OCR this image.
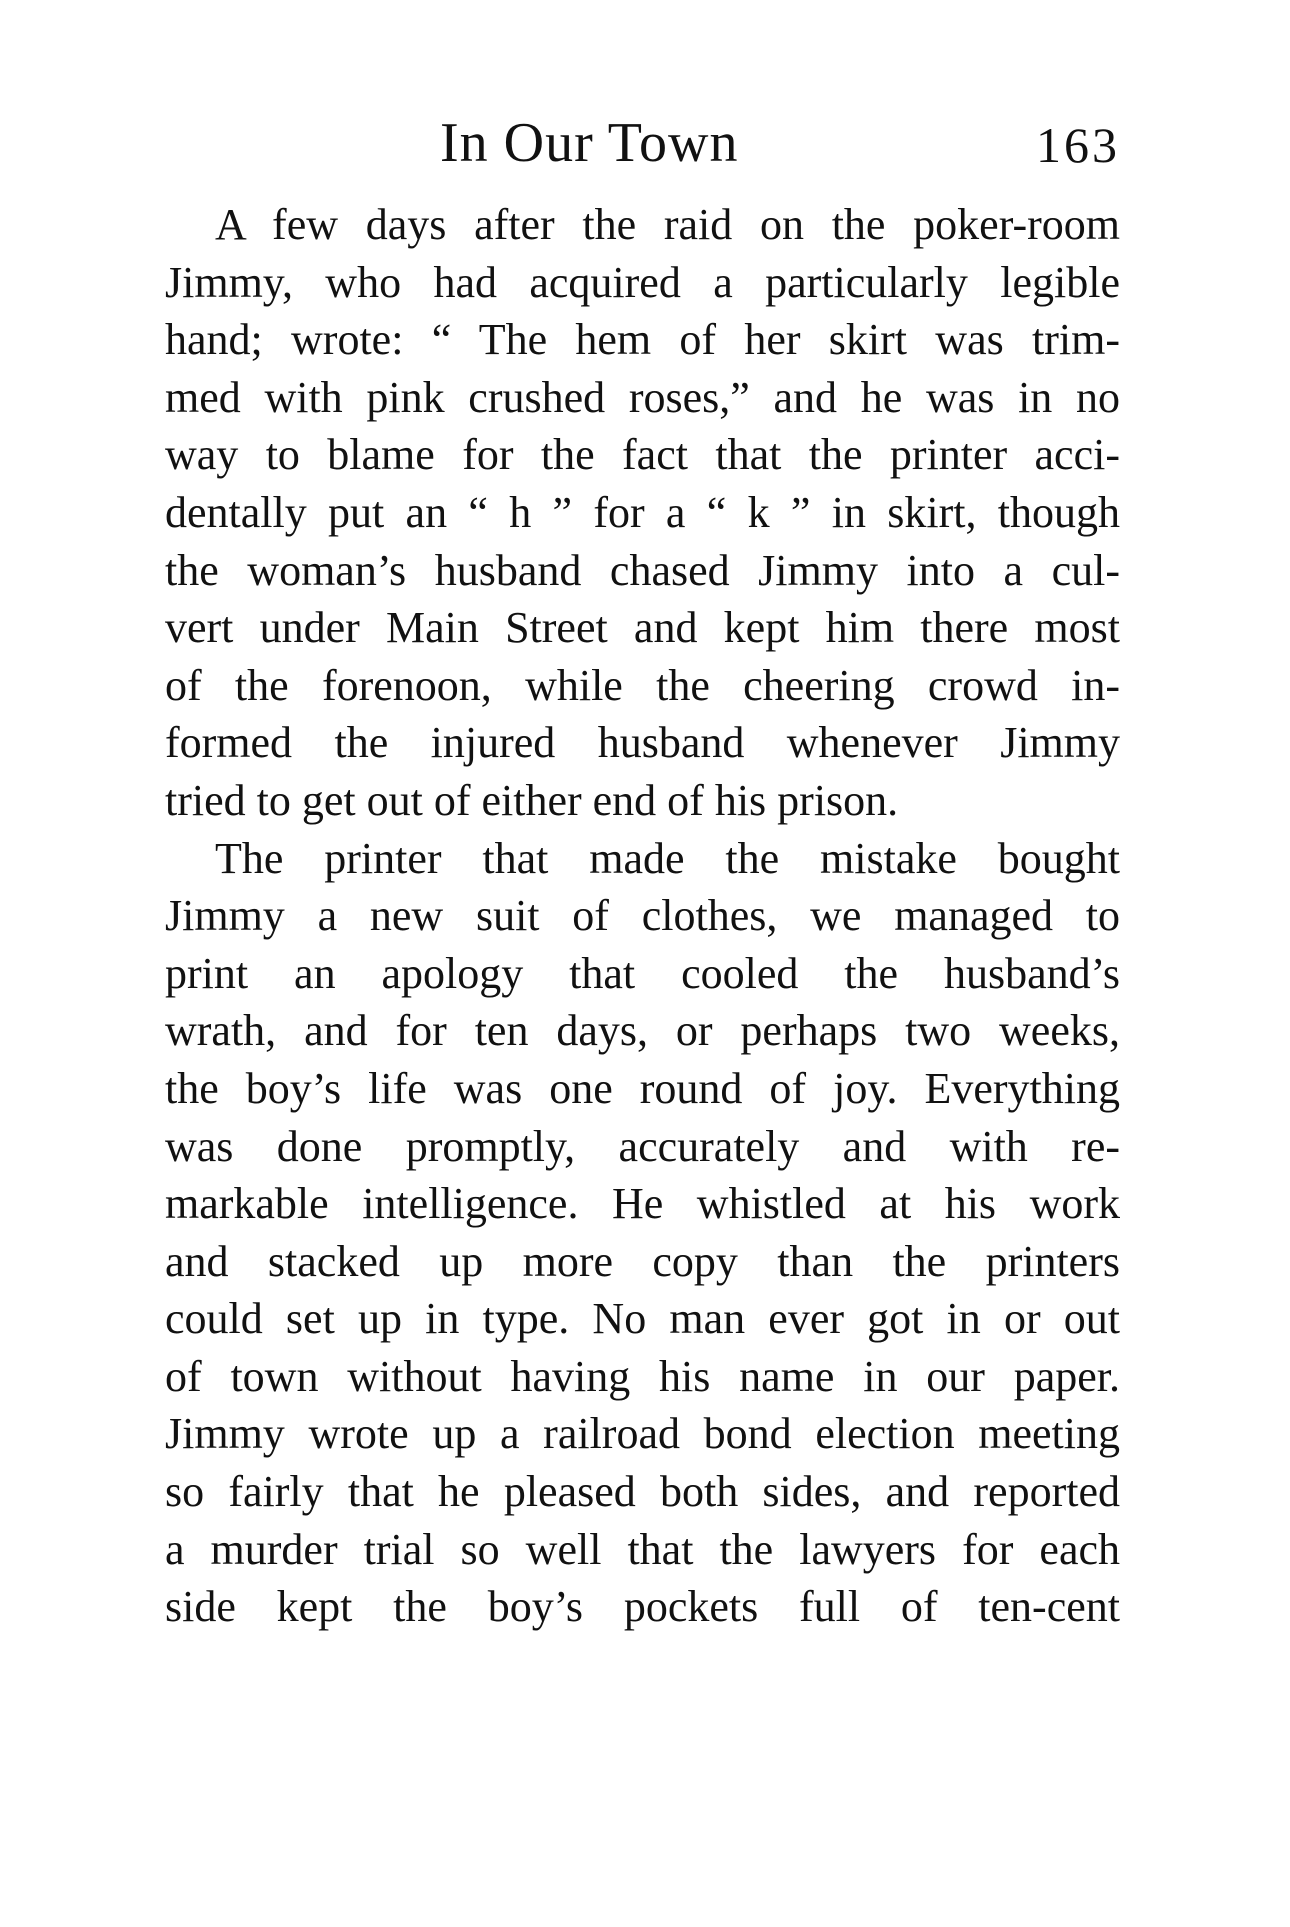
In Our Town	163
A few days after the raid on the poker-room
Jimmy, who had acquired a particularly legible
hand; wrote: “ The hem of her skirt was trim-
med with pink crushed roses,” and he was in no
way to blame for the fact that the printer acci-
dentally put an “ h ” for a “ k ” in skirt, though
the woman’s husband chased Jimmy into a cul-
vert under Main Street and kept him there most
of the forenoon, while the cheering crowd in-
formed the injured husband whenever Jimmy
tried to get out of either end of his prison.
The printer that made the mistake bought
Jimmy a new suit of clothes, we managed to
print an apology that cooled the husband’s
wrath, and for ten days, or perhaps two weeks,
the boy’s life was one round of joy. Everything
was done promptly, accurately and with re-
markable intelligence. He whistled at his work
and stacked up more copy than the printers
could set up in type. No man ever got in or out
of town without having his name in our paper.
Jimmy wrote up a railroad bond election meeting
so fairly that he pleased both sides, and reported
a murder trial so well that the lawyers for each
side kept the boy’s pockets full of ten-cent
